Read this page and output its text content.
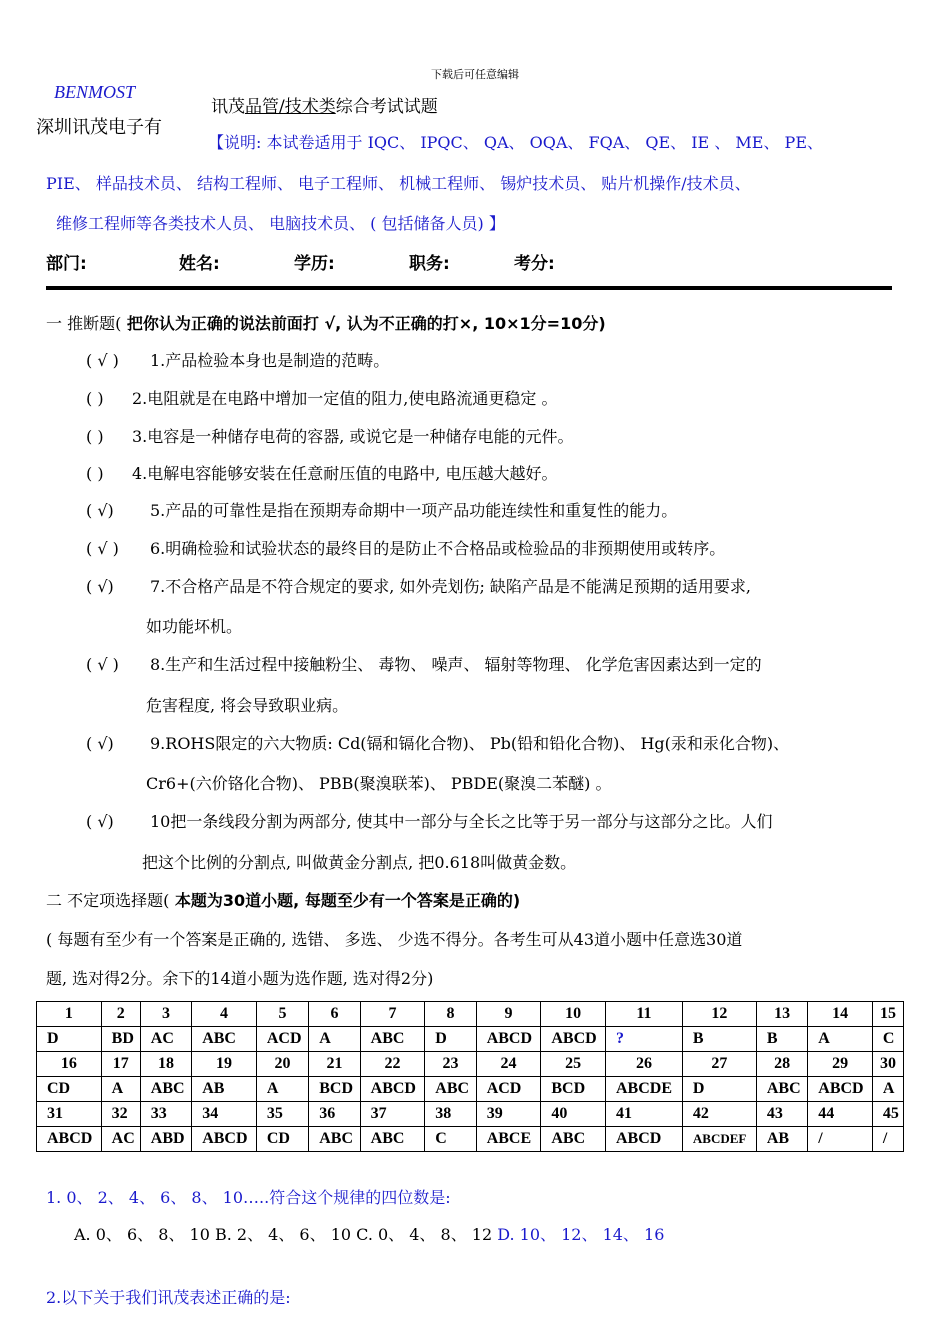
下载后可任意编辑
BENMOST
深圳讯茂电子有
讯茂品管/技术类综合考试试题
【说明: 本试卷适用于 IQC、 IPQC、 QA、 OQA、 FQA、 QE、 IE 、 ME、 PE、
PIE、 样品技术员、 结构工程师、 电子工程师、 机械工程师、 锡炉技术员、 贴片机操作/技术员、
维修工程师等各类技术人员、 电脑技术员、 ( 包括储备人员) 】
部门:	姓名:	学历:	职务:	考分:
一 推断题( 把你认为正确的说法前面打 √, 认为不正确的打×, 10×1分=10分)
( √ ) 1.产品检验本身也是制造的范畴。
( ) 2.电阻就是在电路中增加一定值的阻力,使电路流通更稳定 。
( ) 3.电容是一种储存电荷的容器, 或说它是一种储存电能的元件。
( ) 4.电解电容能够安装在任意耐压值的电路中, 电压越大越好。
( √) 5.产品的可靠性是指在预期寿命期中一项产品功能连续性和重复性的能力。
( √ ) 6.明确检验和试验状态的最终目的是防止不合格品或检验品的非预期使用或转序。
( √) 7.不合格产品是不符合规定的要求, 如外壳划伤; 缺陷产品是不能满足预期的适用要求,
如功能坏机。
( √ ) 8.生产和生活过程中接触粉尘、 毒物、 噪声、 辐射等物理、 化学危害因素达到一定的
危害程度, 将会导致职业病。
( √) 9.ROHS限定的六大物质: Cd(镉和镉化合物)、 Pb(铅和铅化合物)、 Hg(汞和汞化合物)、
Cr6+(六价铬化合物)、 PBB(聚溴联苯)、 PBDE(聚溴二苯醚) 。
( √) 10把一条线段分割为两部分, 使其中一部分与全长之比等于另一部分与这部分之比。人们
把这个比例的分割点, 叫做黄金分割点, 把0.618叫做黄金数。
二 不定项选择题( 本题为30道小题, 每题至少有一个答案是正确的)
( 每题有至少有一个答案是正确的, 选错、 多选、 少选不得分。各考生可从43道小题中任意选30道
题, 选对得2分。余下的14道小题为选作题, 选对得2分)
1	2	3	4	5	6	7	8	9	10	11	12	13	14	15
D	BD	AC	ABC	ACD	A	ABC	D	ABCD	ABCD	?	B	B	A	C
16	17	18	19	20	21	22	23	24	25	26	27	28	29	30
CD	A	ABC	AB	A	BCD	ABCD	ABC	ACD	BCD	ABCDE	D	ABC	ABCD	A
31	32	33	34	35	36	37	38	39	40	41	42	43	44	45
ABCD	AC	ABD	ABCD	CD	ABC	ABC	C	ABCE	ABC	ABCD	ABCDEF	AB	/	/
1. 0、 2、 4、 6、 8、 10…..符合这个规律的四位数是:
A. 0、 6、 8、 10 B. 2、 4、 6、 10 C. 0、 4、 8、 12 D. 10、 12、 14、 16
2.以下关于我们讯茂表述正确的是:
